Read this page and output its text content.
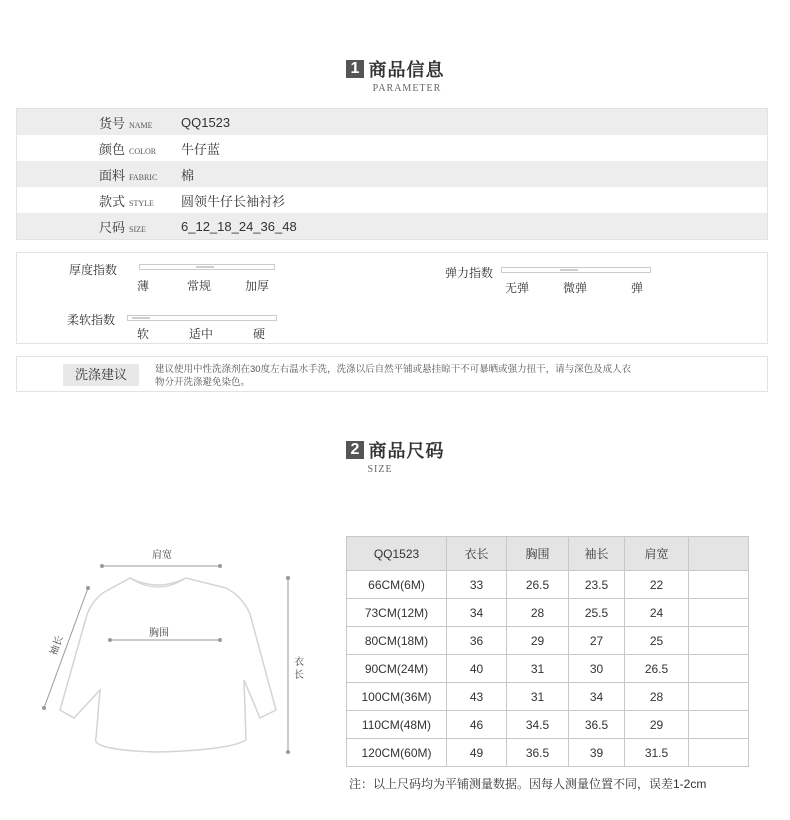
1 商品信息
PARAMETER
货号 NAME	QQ1523
颜色 COLOR	牛仔蓝
面料 FABRIC	棉
款式 STYLE	圆领牛仔长袖衬衫
尺码 SIZE	6_12_18_24_36_48
厚度指数
薄	常规	加厚
弹力指数
无弹	微弹	弹
柔软指数
软	适中	硬
洗涤建议	建议使用中性洗涤剂在30度左右温水手洗，洗涤以后自然平铺或悬挂晾干不可暴晒或强力扭干，请与深色及成人衣
物分开洗涤避免染色。
2 商品尺码
SIZE
肩宽
胸围
袖长
衣
长
QQ1523	衣长	胸围	袖长	肩宽	
66CM(6M)	33	26.5	23.5	22	
73CM(12M)	34	28	25.5	24	
80CM(18M)	36	29	27	25	
90CM(24M)	40	31	30	26.5	
100CM(36M)	43	31	34	28	
110CM(48M)	46	34.5	36.5	29	
120CM(60M)	49	36.5	39	31.5	
注：以上尺码均为平铺测量数据。因每人测量位置不同，误差1-2cm
